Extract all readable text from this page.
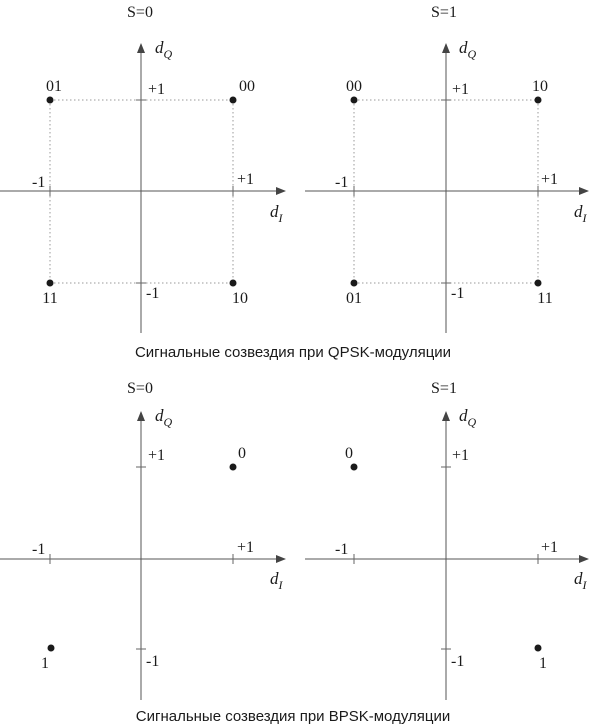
S=0
+1
-1
-1	+1
$d_Q$
$d_I$
01	00
11	10
S=1
+1
-1
-1	+1
$d_Q$
$d_I$
00	10
01	11
Сигнальные созвездия при QPSK-модуляции
S=0
+1
-1
-1	+1
$d_Q$
$d_I$
0
1
S=1
+1
-1
-1	+1
$d_Q$
$d_I$
0
1
Сигнальные созвездия при BPSK-модуляции
